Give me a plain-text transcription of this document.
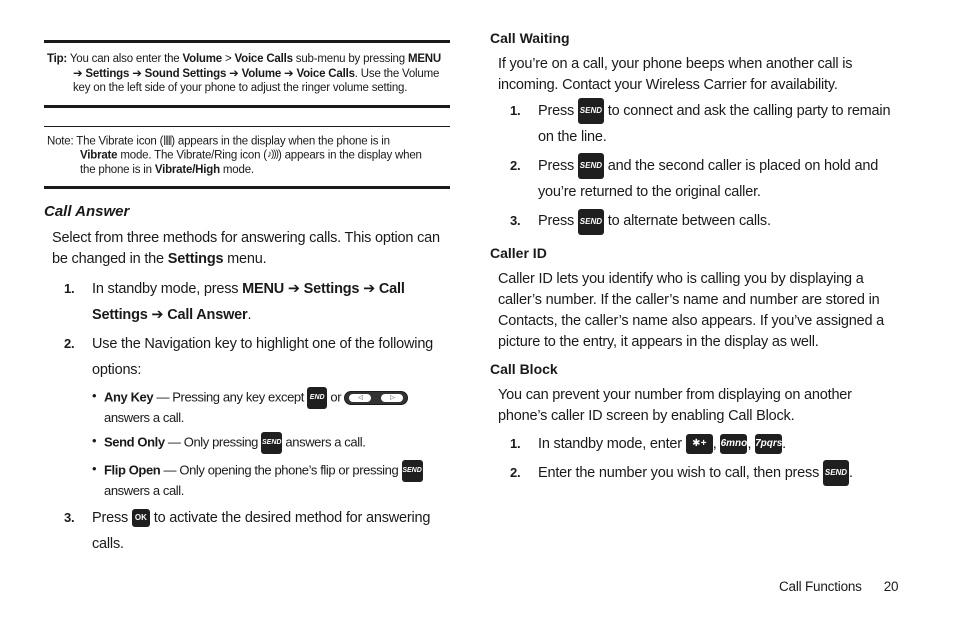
Tip: You can also enter the Volume > Voice Calls sub-menu by pressing MENU
➔ Settings ➔ Sound Settings ➔ Volume ➔ Voice Calls. Use the Volume
key on the left side of your phone to adjust the ringer volume setting.
Note: The Vibrate icon (|||||) appears in the display when the phone is in
Vibrate mode. The Vibrate/Ring icon (♪)))) appears in the display when
the phone is in Vibrate/High mode.
Call Answer
Select from three methods for answering calls. This option can be changed in the Settings menu.
1. In standby mode, press MENU ➔ Settings ➔ Call Settings ➔ Call Answer.
2. Use the Navigation key to highlight one of the following options:
• Any Key — Pressing any key except END or	◁	▷
answers a call.
• Send Only — Only pressing SEND answers a call.
• Flip Open — Only opening the phone’s flip or pressing SEND answers a call.
3. Press OK to activate the desired method for answering calls.
Call Waiting
If you’re on a call, your phone beeps when another call is incoming. Contact your Wireless Carrier for availability.
1. Press SEND to connect and ask the calling party to remain on the line.
2. Press SEND and the second caller is placed on hold and you’re returned to the original caller.
3. Press SEND to alternate between calls.
Caller ID
Caller ID lets you identify who is calling you by displaying a caller’s number. If the caller’s name and number are stored in Contacts, the caller’s name also appears. If you’ve assigned a picture to the entry, it appears in the display as well.
Call Block
You can prevent your number from displaying on another phone’s caller ID screen by enabling Call Block.
1. In standby mode, enter ✱+ , 6mno, 7pqrs.
2. Enter the number you wish to call, then press SEND .
Call Functions 20
